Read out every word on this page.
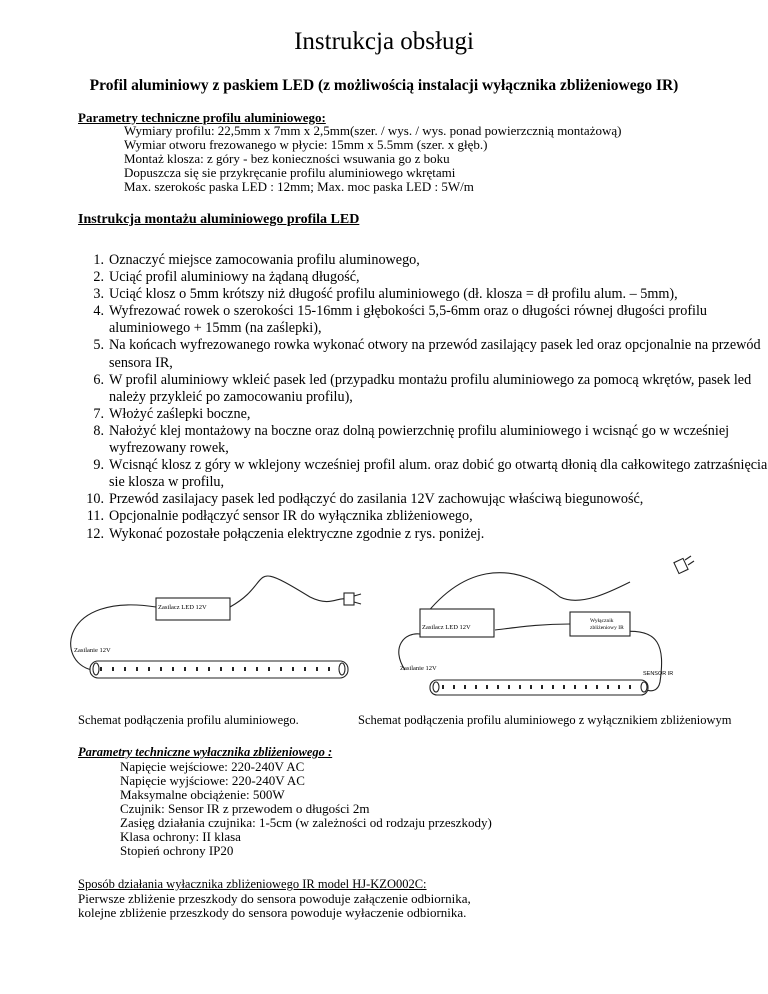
Instrukcja obsługi
Profil aluminiowy z paskiem LED (z możliwością instalacji wyłącznika zbliżeniowego IR)
Parametry techniczne profilu aluminiowego:
Wymiary profilu: 22,5mm x 7mm x 2,5mm(szer. / wys. / wys. ponad powierzcznią montażową)
Wymiar otworu frezowanego w płycie: 15mm x 5.5mm (szer. x głęb.)
Montaż klosza: z góry - bez konieczności wsuwania go z boku
Dopuszcza się sie przykręcanie profilu aluminiowego wkrętami
Max. szerokośc paska LED : 12mm; Max. moc paska LED : 5W/m
Instrukcja montażu aluminiowego profila LED
1. Oznaczyć miejsce zamocowania profilu aluminowego,
2. Uciąć profil aluminiowy na żądaną długość,
3. Uciąć klosz o 5mm krótszy niż długość profilu aluminiowego (dł. klosza = dł profilu alum. – 5mm),
4. Wyfrezować rowek o szerokości 15-16mm i głębokości 5,5-6mm oraz o długości równej długości profilu aluminiowego + 15mm (na zaślepki),
5. Na końcach wyfrezowanego rowka wykonać otwory na przewód zasilający pasek led oraz opcjonalnie na przewód sensora IR,
6. W profil aluminiowy wkleić pasek led (przypadku montażu profilu aluminiowego za pomocą wkrętów, pasek led należy przykleić po zamocowaniu profilu),
7. Włożyć zaślepki boczne,
8. Nałożyć klej montażowy na boczne oraz dolną powierzchnię profilu aluminiowego i wcisnąć go w wcześniej wyfrezowany rowek,
9. Wcisnąć klosz z góry w wklejony wcześniej profil alum. oraz dobić go otwartą dłonią dla całkowitego zatrzaśnięcia sie klosza w profilu,
10. Przewód zasilajacy pasek led podłączyć do zasilania 12V zachowując właściwą biegunowość,
11. Opcjonalnie podłączyć sensor IR do wyłącznika zbliżeniowego,
12. Wykonać pozostałe połączenia elektryczne zgodnie z rys. poniżej.
Zasilacz LED 12V
Zasilanie 12V
Zasilacz LED 12V
Zasilanie 12V
Wyłącznik
zbliżeniowy IR
SENSOR IR
Schemat podłączenia profilu aluminiowego.	Schemat podłączenia profilu aluminiowego z wyłącznikiem zbliżeniowym
Parametry techniczne wyłacznika zbliżeniowego :
Napięcie wejściowe: 220-240V AC
Napięcie wyjściowe: 220-240V AC
Maksymalne obciążenie: 500W
Czujnik: Sensor IR z przewodem o długości 2m
Zasięg działania czujnika: 1-5cm (w zależności od rodzaju przeszkody)
Klasa ochrony: II klasa
Stopień ochrony IP20
Sposób działania wyłacznika zbliżeniowego IR model HJ-KZO002C:
Pierwsze zbliżenie przeszkody do sensora powoduje załączenie odbiornika,
kolejne zbliżenie przeszkody do sensora powoduje wyłaczenie odbiornika.
